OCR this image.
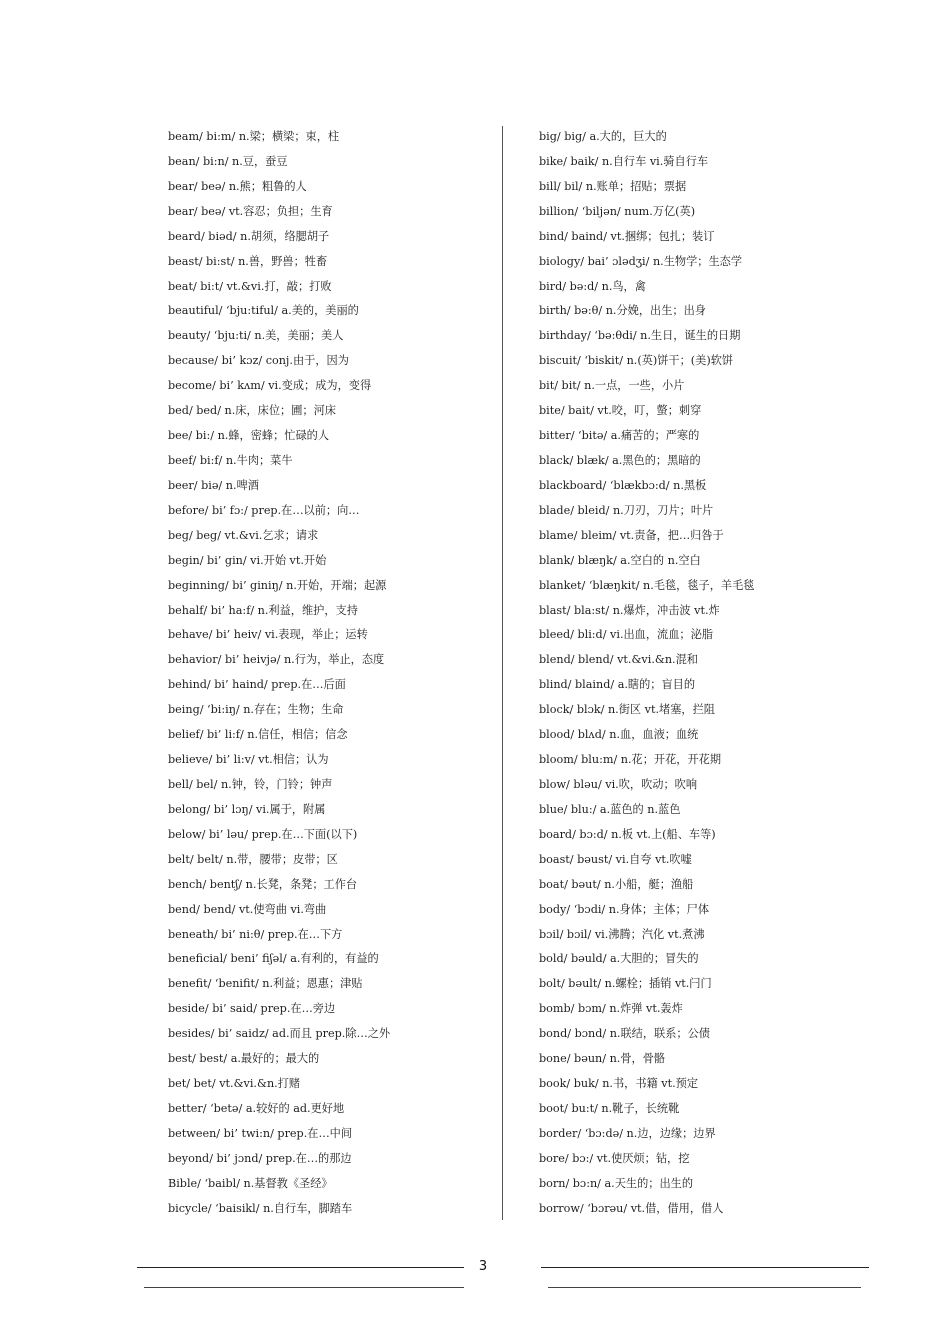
beam/ bi:m/ n.梁；横梁；束，柱
bean/ bi:n/ n.豆，蚕豆
bear/ beə/ n.熊；粗鲁的人
bear/ beə/ vt.容忍；负担；生育
beard/ biəd/ n.胡须，络腮胡子
beast/ bi:st/ n.兽，野兽；牲畜
beat/ bi:t/ vt.&vi.打，敲；打败
beautiful/ ‘bju:tiful/ a.美的，美丽的
beauty/ ‘bju:ti/ n.美，美丽；美人
because/ bi’ kɔz/ conj.由于，因为
become/ bi’ kʌm/ vi.变成；成为，变得
bed/ bed/ n.床，床位；圃；河床
bee/ bi:/ n.蜂，密蜂；忙碌的人
beef/ bi:f/ n.牛肉；菜牛
beer/ biə/ n.啤酒
before/ bi’ fɔ:/ prep.在…以前；向…
beg/ beg/ vt.&vi.乞求；请求
begin/ bi’ gin/ vi.开始 vt.开始
beginning/ bi’ giniŋ/ n.开始，开端；起源
behalf/ bi’ ha:f/ n.利益，维护，支持
behave/ bi’ heiv/ vi.表现，举止；运转
behavior/ bi’ heivjə/ n.行为，举止，态度
behind/ bi’ haind/ prep.在…后面
being/ ‘bi:iŋ/ n.存在；生物；生命
belief/ bi’ li:f/ n.信任，相信；信念
believe/ bi’ li:v/ vt.相信；认为
bell/ bel/ n.钟，铃，门铃；钟声
belong/ bi’ lɔŋ/ vi.属于，附属
below/ bi’ ləu/ prep.在…下面(以下)
belt/ belt/ n.带，腰带；皮带；区
bench/ bentʃ/ n.长凳，条凳；工作台
bend/ bend/ vt.使弯曲 vi.弯曲
beneath/ bi’ ni:θ/ prep.在…下方
beneficial/ beni’ fiʃəl/ a.有利的，有益的
benefit/ ‘benifit/ n.利益；恩惠；津贴
beside/ bi’ said/ prep.在…旁边
besides/ bi’ saidz/ ad.而且 prep.除…之外
best/ best/ a.最好的；最大的
bet/ bet/ vt.&vi.&n.打赌
better/ ‘betə/ a.较好的 ad.更好地
between/ bi’ twi:n/ prep.在…中间
beyond/ bi’ jɔnd/ prep.在…的那边
Bible/ ‘baibl/ n.基督教《圣经》
bicycle/ ‘baisikl/ n.自行车，脚踏车
big/ big/ a.大的，巨大的
bike/ baik/ n.自行车 vi.骑自行车
bill/ bil/ n.账单；招贴；票据
billion/ ‘biljən/ num.万亿(英)
bind/ baind/ vt.捆绑；包扎；装订
biology/ bai’ ɔlədʒi/ n.生物学；生态学
bird/ bə:d/ n.鸟，禽
birth/ bə:θ/ n.分娩，出生；出身
birthday/ ‘bə:θdi/ n.生日，诞生的日期
biscuit/ ‘biskit/ n.(英)饼干；(美)软饼
bit/ bit/ n.一点，一些，小片
bite/ bait/ vt.咬，叮，螫；刺穿
bitter/ ‘bitə/ a.痛苦的；严寒的
black/ blæk/ a.黑色的；黑暗的
blackboard/ ‘blækbɔ:d/ n.黑板
blade/ bleid/ n.刀刃，刀片；叶片
blame/ bleim/ vt.责备，把…归咎于
blank/ blæŋk/ a.空白的 n.空白
blanket/ ‘blæŋkit/ n.毛毯，毯子，羊毛毯
blast/ bla:st/ n.爆炸，冲击波 vt.炸
bleed/ bli:d/ vi.出血，流血；泌脂
blend/ blend/ vt.&vi.&n.混和
blind/ blaind/ a.瞎的；盲目的
block/ blɔk/ n.街区 vt.堵塞，拦阻
blood/ blʌd/ n.血，血液；血统
bloom/ blu:m/ n.花；开花，开花期
blow/ bləu/ vi.吹，吹动；吹响
blue/ blu:/ a.蓝色的 n.蓝色
board/ bɔ:d/ n.板 vt.上(船、车等)
boast/ bəust/ vi.自夸 vt.吹嘘
boat/ bəut/ n.小船，艇；渔船
body/ ‘bɔdi/ n.身体；主体；尸体
bɔil/ bɔil/ vi.沸腾；汽化 vt.煮沸
bold/ bəuld/ a.大胆的；冒失的
bolt/ bəult/ n.螺栓；插销 vt.闩门
bomb/ bɔm/ n.炸弹 vt.轰炸
bond/ bɔnd/ n.联结，联系；公债
bone/ bəun/ n.骨，骨骼
book/ buk/ n.书，书籍 vt.预定
boot/ bu:t/ n.靴子，长统靴
border/ ‘bɔ:də/ n.边，边缘；边界
bore/ bɔ:/ vt.使厌烦；钻，挖
born/ bɔ:n/ a.天生的；出生的
borrow/ ‘bɔrəu/ vt.借，借用，借人
3
